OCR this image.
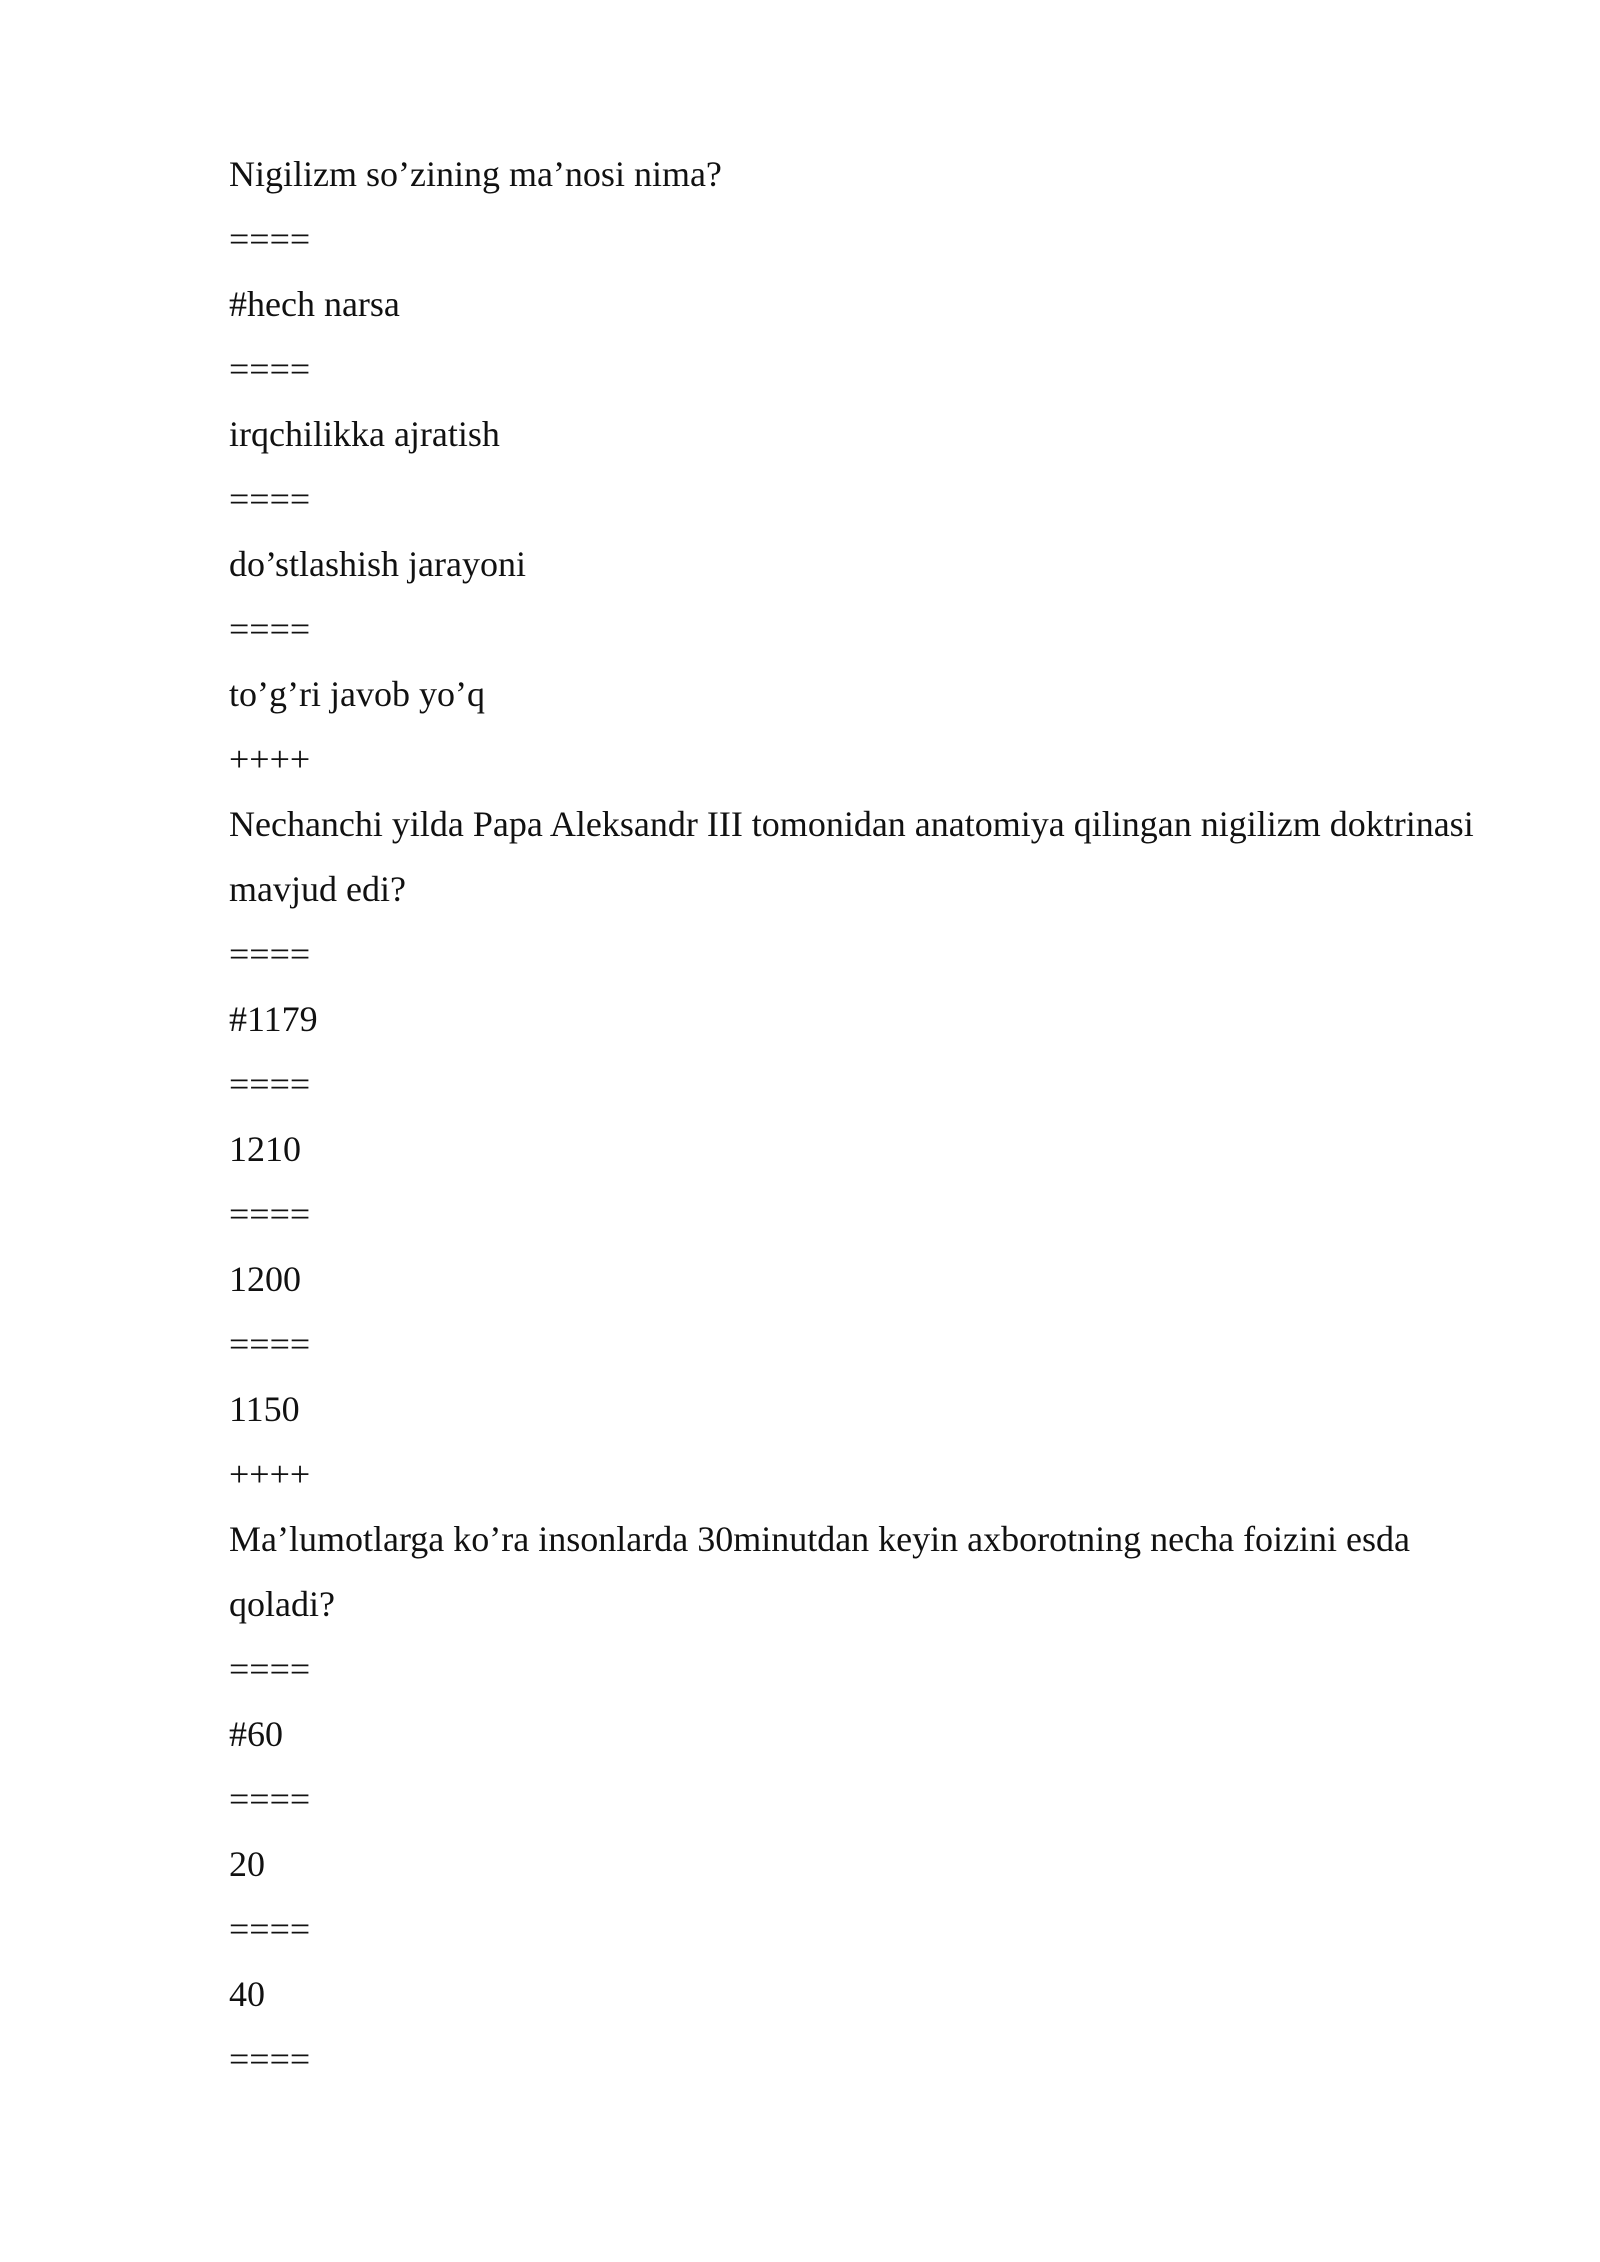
Nigilizm so’zining ma’nosi nima?

====

#hech narsa

====

irqchilikka ajratish

====

do’stlashish jarayoni

====

to’g’ri javob yo’q

++++

Nechanchi yilda Papa Aleksandr III tomonidan anatomiya qilingan nigilizm doktrinasi mavjud edi?

====

#1179

====

1210

====

1200

====

1150

++++

Ma’lumotlarga ko’ra insonlarda 30minutdan keyin axborotning necha foizini esda qoladi?

====

#60

====

20

====

40

====
